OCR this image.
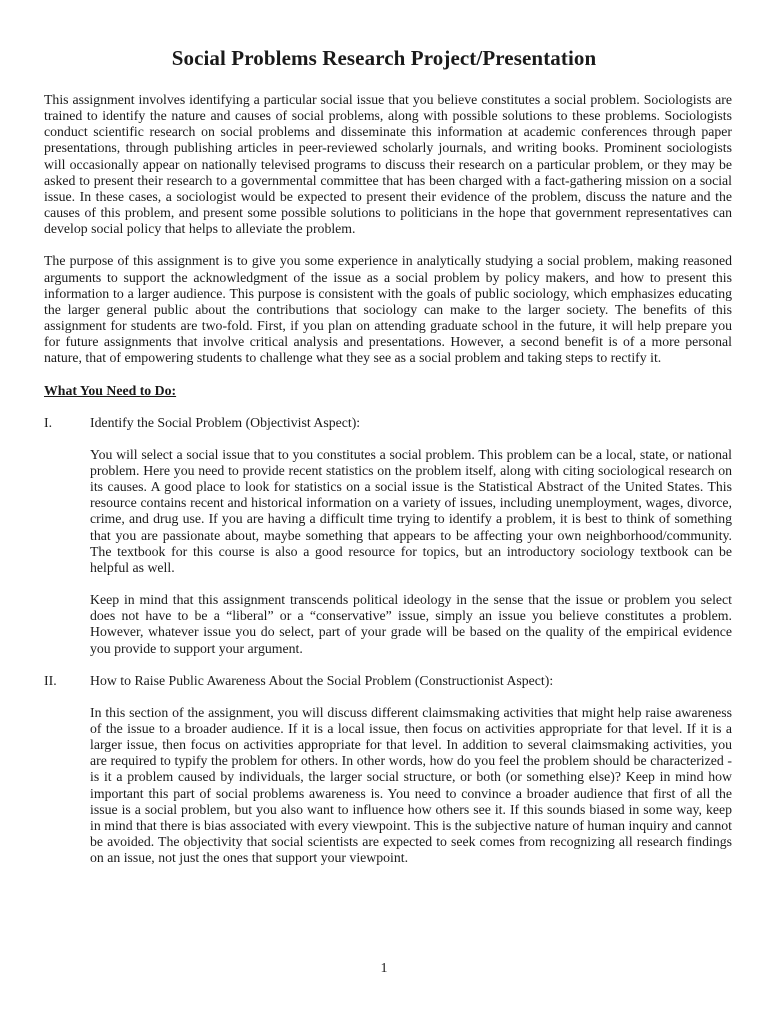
Social Problems Research Project/Presentation

This assignment involves identifying a particular social issue that you believe constitutes a social problem. Sociologists are trained to identify the nature and causes of social problems, along with possible solutions to these problems. Sociologists conduct scientific research on social problems and disseminate this information at academic conferences through paper presentations, through publishing articles in peer-reviewed scholarly journals, and writing books. Prominent sociologists will occasionally appear on nationally televised programs to discuss their research on a particular problem, or they may be asked to present their research to a governmental committee that has been charged with a fact-gathering mission on a social issue. In these cases, a sociologist would be expected to present their evidence of the problem, discuss the nature and the causes of this problem, and present some possible solutions to politicians in the hope that government representatives can develop social policy that helps to alleviate the problem.

The purpose of this assignment is to give you some experience in analytically studying a social problem, making reasoned arguments to support the acknowledgment of the issue as a social problem by policy makers, and how to present this information to a larger audience. This purpose is consistent with the goals of public sociology, which emphasizes educating the larger general public about the contributions that sociology can make to the larger society. The benefits of this assignment for students are two-fold. First, if you plan on attending graduate school in the future, it will help prepare you for future assignments that involve critical analysis and presentations. However, a second benefit is of a more personal nature, that of empowering students to challenge what they see as a social problem and taking steps to rectify it.

What You Need to Do:

I.	Identify the Social Problem (Objectivist Aspect):

You will select a social issue that to you constitutes a social problem. This problem can be a local, state, or national problem. Here you need to provide recent statistics on the problem itself, along with citing sociological research on its causes. A good place to look for statistics on a social issue is the Statistical Abstract of the United States. This resource contains recent and historical information on a variety of issues, including unemployment, wages, divorce, crime, and drug use. If you are having a difficult time trying to identify a problem, it is best to think of something that you are passionate about, maybe something that appears to be affecting your own neighborhood/community. The textbook for this course is also a good resource for topics, but an introductory sociology textbook can be helpful as well.

Keep in mind that this assignment transcends political ideology in the sense that the issue or problem you select does not have to be a “liberal” or a “conservative” issue, simply an issue you believe constitutes a problem. However, whatever issue you do select, part of your grade will be based on the quality of the empirical evidence you provide to support your argument.

II.	How to Raise Public Awareness About the Social Problem (Constructionist Aspect):

In this section of the assignment, you will discuss different claimsmaking activities that might help raise awareness of the issue to a broader audience. If it is a local issue, then focus on activities appropriate for that level. If it is a larger issue, then focus on activities appropriate for that level. In addition to several claimsmaking activities, you are required to typify the problem for others. In other words, how do you feel the problem should be characterized - is it a problem caused by individuals, the larger social structure, or both (or something else)? Keep in mind how important this part of social problems awareness is. You need to convince a broader audience that first of all the issue is a social problem, but you also want to influence how others see it. If this sounds biased in some way, keep in mind that there is bias associated with every viewpoint. This is the subjective nature of human inquiry and cannot be avoided. The objectivity that social scientists are expected to seek comes from recognizing all research findings on an issue, not just the ones that support your viewpoint.

1
